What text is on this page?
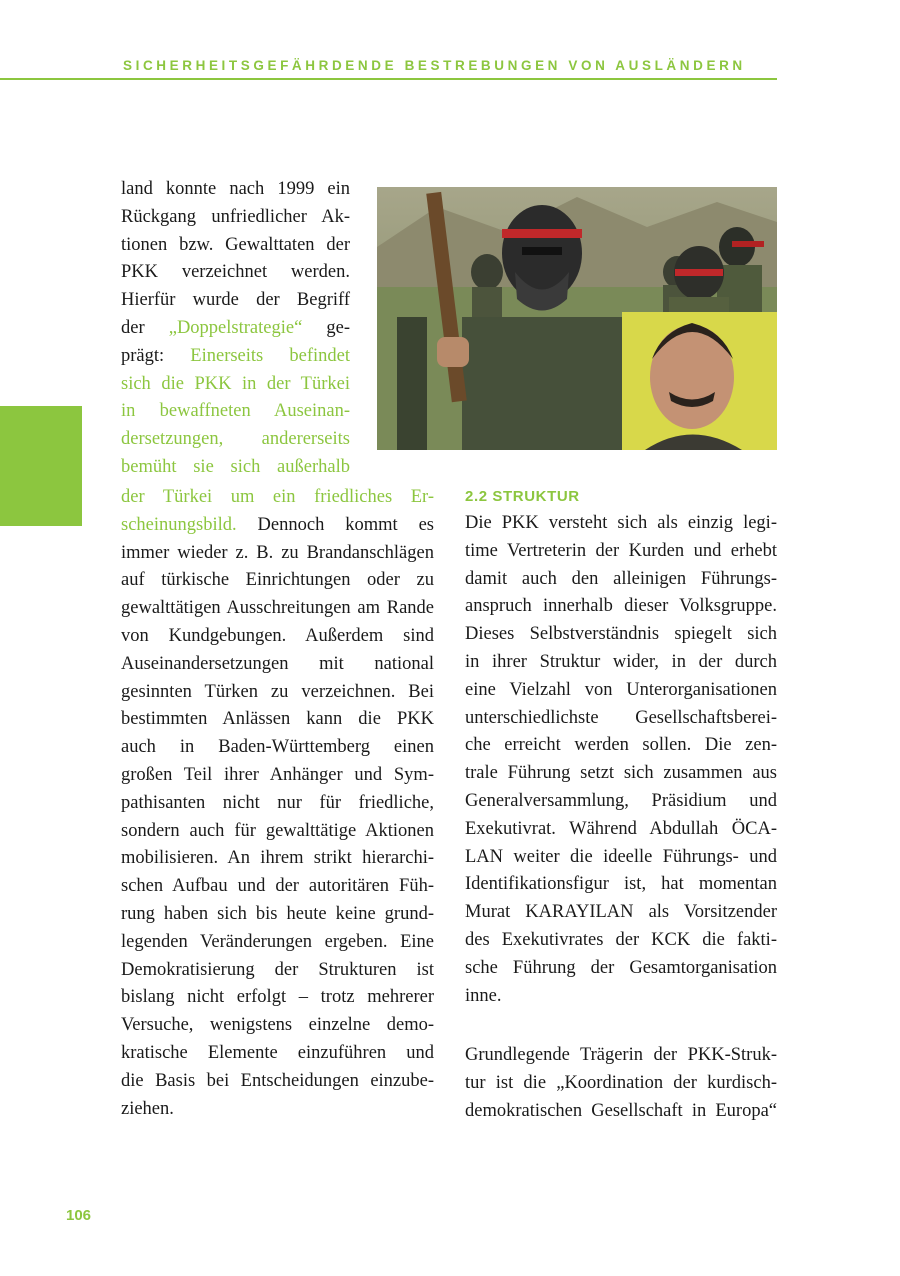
SICHERHEITSGEFÄHRDENDE BESTREBUNGEN VON AUSLÄNDERN
land konnte nach 1999 ein
Rückgang unfriedlicher Ak-
tionen bzw. Gewalttaten der
PKK verzeichnet werden.
Hierfür wurde der Begriff
der „Doppelstrategie“ ge-
prägt: Einerseits befindet
sich die PKK in der Türkei
in bewaffneten Auseinan-
dersetzungen, andererseits
bemüht sie sich außerhalb
der Türkei um ein friedliches Er-
scheinungsbild. Dennoch kommt es
immer wieder z. B. zu Brandanschlägen
auf türkische Einrichtungen oder zu
gewalttätigen Ausschreitungen am Rande
von Kundgebungen. Außerdem sind
Auseinandersetzungen mit national
gesinnten Türken zu verzeichnen. Bei
bestimmten Anlässen kann die PKK
auch in Baden-Württemberg einen
großen Teil ihrer Anhänger und Sym-
pathisanten nicht nur für friedliche,
sondern auch für gewalttätige Aktionen
mobilisieren. An ihrem strikt hierarchi-
schen Aufbau und der autoritären Füh-
rung haben sich bis heute keine grund-
legenden Veränderungen ergeben. Eine
Demokratisierung der Strukturen ist
bislang nicht erfolgt – trotz mehrerer
Versuche, wenigstens einzelne demo-
kratische Elemente einzuführen und
die Basis bei Entscheidungen einzube-
ziehen.
2.2 STRUKTUR
Die PKK versteht sich als einzig legi-
time Vertreterin der Kurden und erhebt
damit auch den alleinigen Führungs-
anspruch innerhalb dieser Volksgruppe.
Dieses Selbstverständnis spiegelt sich
in ihrer Struktur wider, in der durch
eine Vielzahl von Unterorganisationen
unterschiedlichste Gesellschaftsberei-
che erreicht werden sollen. Die zen-
trale Führung setzt sich zusammen aus
Generalversammlung, Präsidium und
Exekutivrat. Während Abdullah ÖCA-
LAN weiter die ideelle Führungs- und
Identifikationsfigur ist, hat momentan
Murat KARAYILAN als Vorsitzender
des Exekutivrates der KCK die fakti-
sche Führung der Gesamtorganisation
inne.
Grundlegende Trägerin der PKK-Struk-
tur ist die „Koordination der kurdisch-
demokratischen Gesellschaft in Europa“
106
